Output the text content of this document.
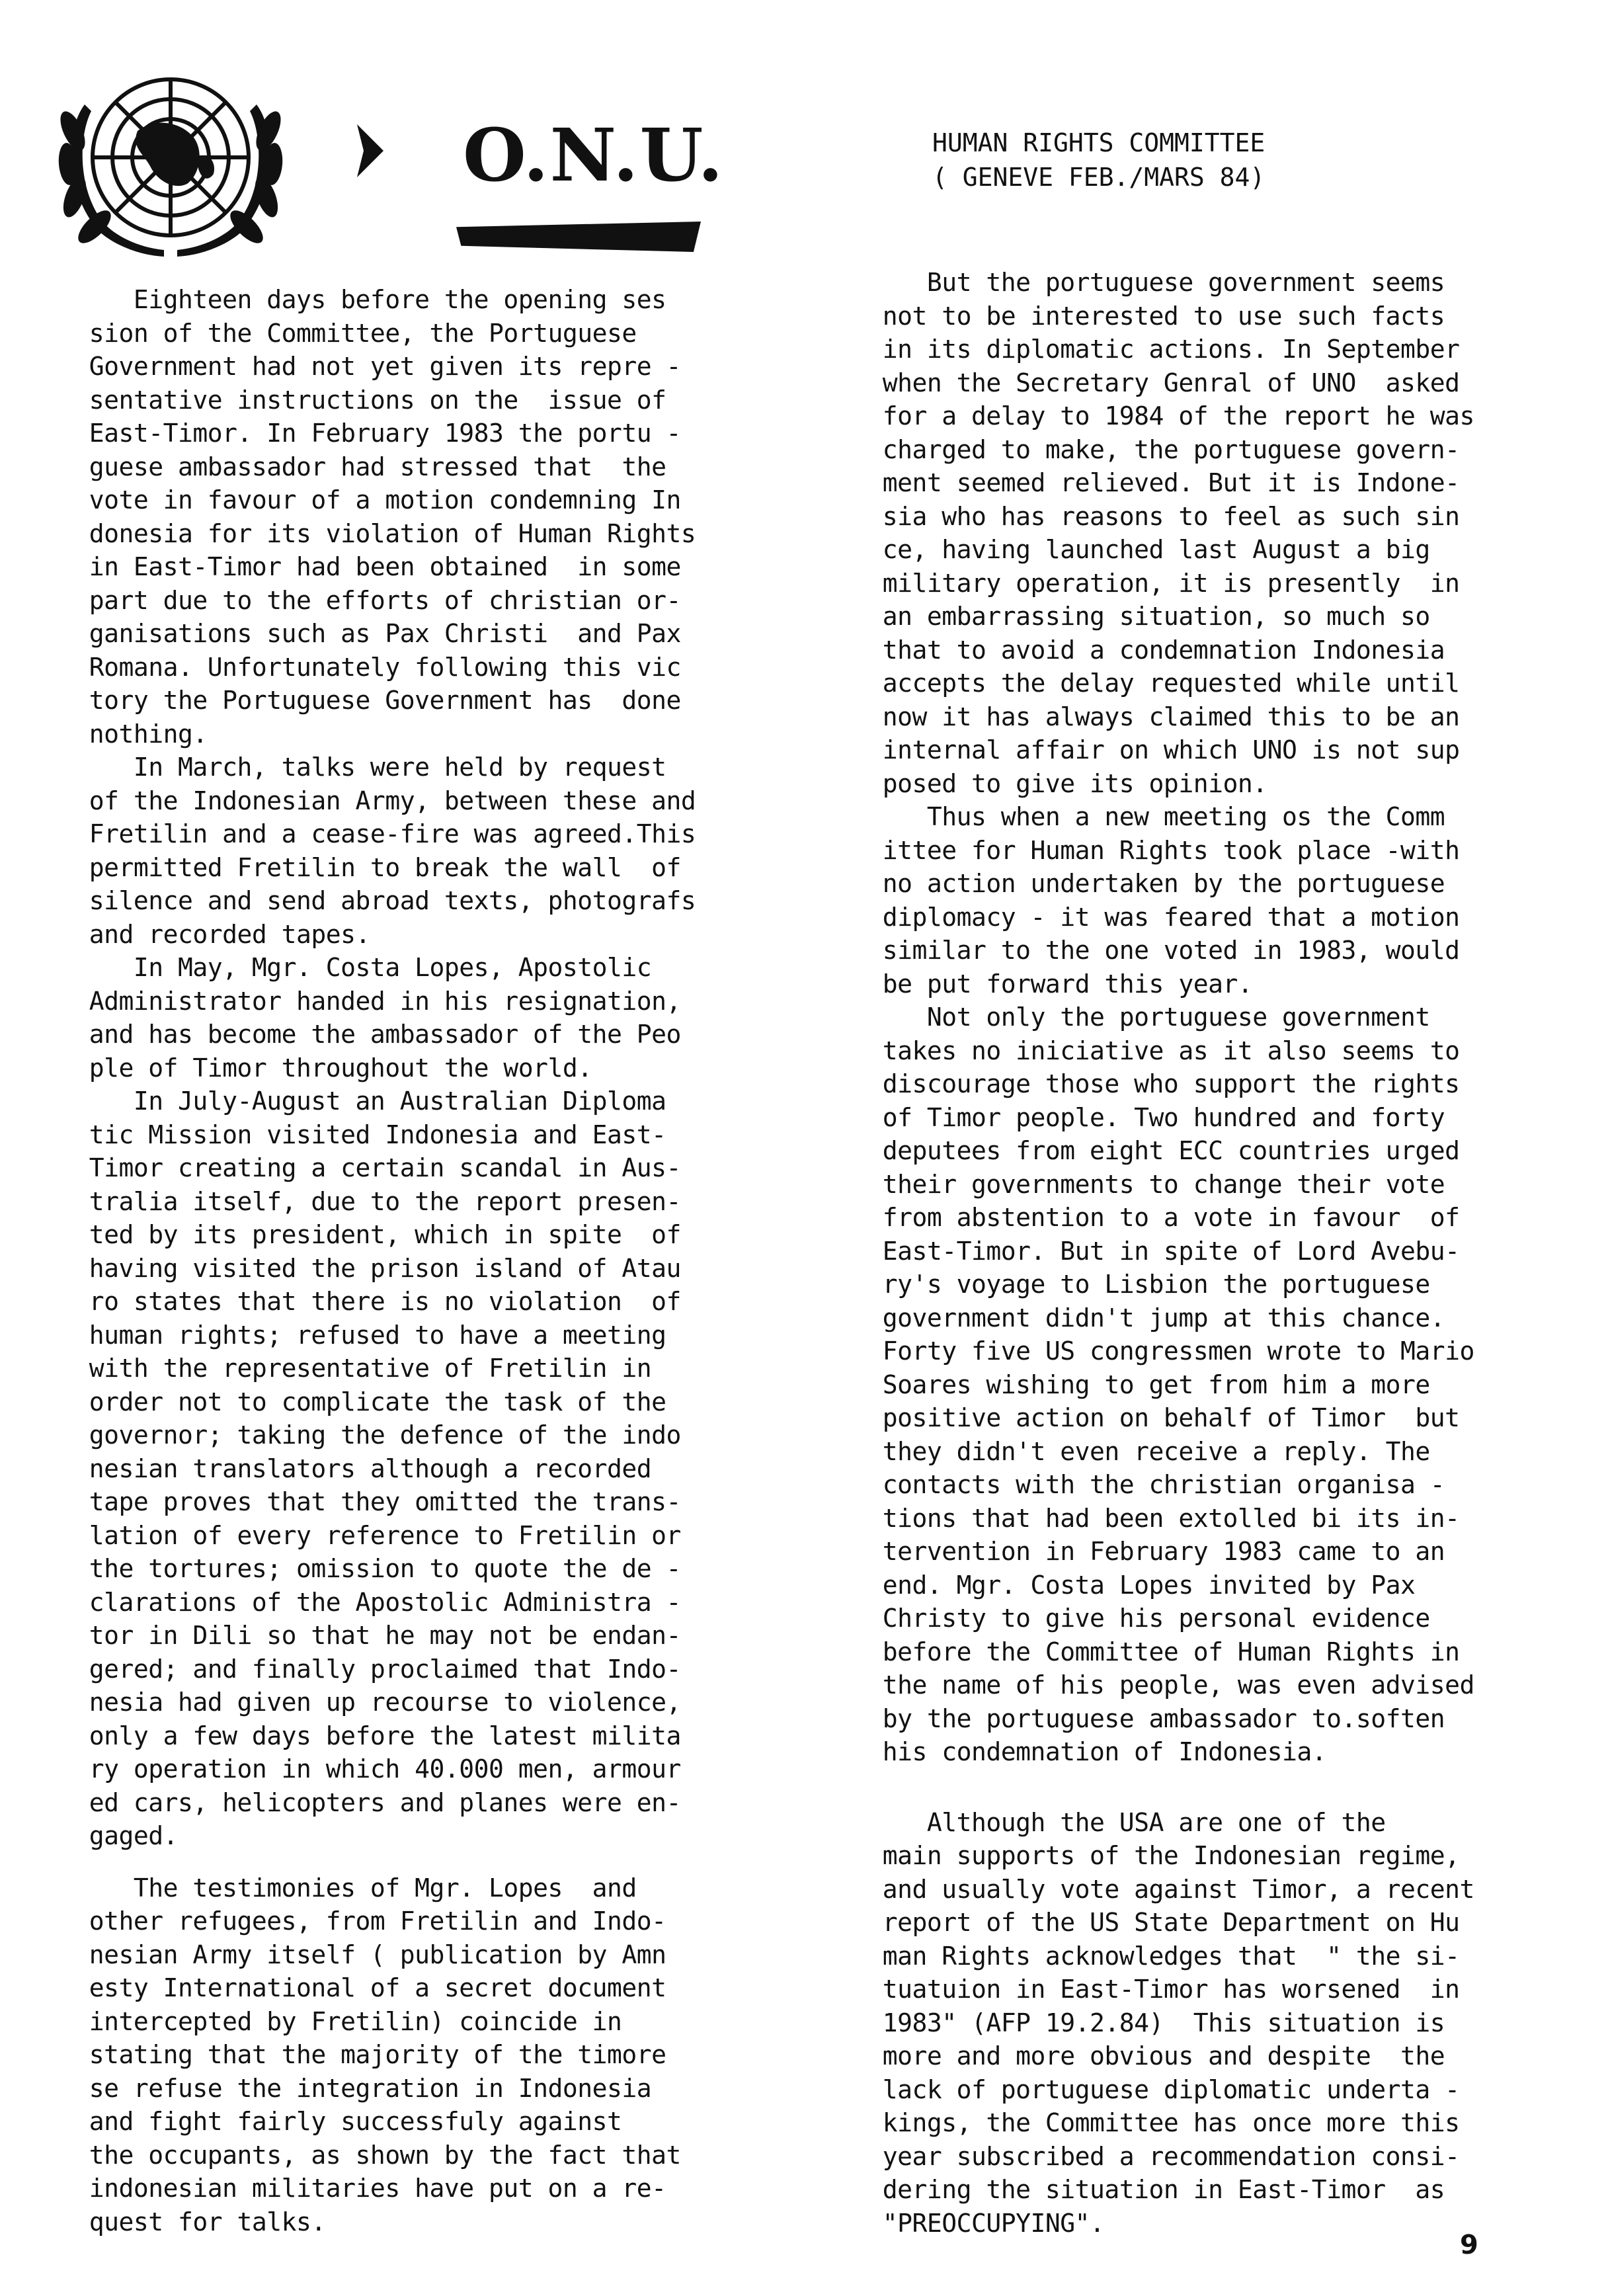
O.N.U.	HUMAN RIGHTS COMMITTEE
( GENEVE FEB./MARS 84)
Eighteen days before the opening ses
sion of the Committee, the Portuguese
Government had not yet given its repre -
sentative instructions on the  issue of
East-Timor. In February 1983 the portu -
guese ambassador had stressed that  the
vote in favour of a motion condemning In
donesia for its violation of Human Rights
in East-Timor had been obtained  in some
part due to the efforts of christian or-
ganisations such as Pax Christi  and Pax
Romana. Unfortunately following this vic
tory the Portuguese Government has  done
nothing.
In March, talks were held by request
of the Indonesian Army, between these and
Fretilin and a cease-fire was agreed.This
permitted Fretilin to break the wall  of
silence and send abroad texts, photografs
and recorded tapes.
In May, Mgr. Costa Lopes, Apostolic
Administrator handed in his resignation,
and has become the ambassador of the Peo
ple of Timor throughout the world.
In July-August an Australian Diploma
tic Mission visited Indonesia and East-
Timor creating a certain scandal in Aus-
tralia itself, due to the report presen-
ted by its president, which in spite  of
having visited the prison island of Atau
ro states that there is no violation  of
human rights; refused to have a meeting
with the representative of Fretilin in
order not to complicate the task of the
governor; taking the defence of the indo
nesian translators although a recorded
tape proves that they omitted the trans-
lation of every reference to Fretilin or
the tortures; omission to quote the de -
clarations of the Apostolic Administra -
tor in Dili so that he may not be endan-
gered; and finally proclaimed that Indo-
nesia had given up recourse to violence,
only a few days before the latest milita
ry operation in which 40.000 men, armour
ed cars, helicopters and planes were en-
gaged.
The testimonies of Mgr. Lopes  and
other refugees, from Fretilin and Indo-
nesian Army itself ( publication by Amn
esty International of a secret document
intercepted by Fretilin) coincide in
stating that the majority of the timore
se refuse the integration in Indonesia
and fight fairly successfuly against
the occupants, as shown by the fact that
indonesian militaries have put on a re-
quest for talks.
But the portuguese government seems
not to be interested to use such facts
in its diplomatic actions. In September
when the Secretary Genral of UNO  asked
for a delay to 1984 of the report he was
charged to make, the portuguese govern-
ment seemed relieved. But it is Indone-
sia who has reasons to feel as such sin
ce, having launched last August a big
military operation, it is presently  in
an embarrassing situation, so much so
that to avoid a condemnation Indonesia
accepts the delay requested while until
now it has always claimed this to be an
internal affair on which UNO is not sup
posed to give its opinion.
Thus when a new meeting os the Comm
ittee for Human Rights took place -with
no action undertaken by the portuguese
diplomacy - it was feared that a motion
similar to the one voted in 1983, would
be put forward this year.
Not only the portuguese government
takes no iniciative as it also seems to
discourage those who support the rights
of Timor people. Two hundred and forty
deputees from eight ECC countries urged
their governments to change their vote
from abstention to a vote in favour  of
East-Timor. But in spite of Lord Avebu-
ry's voyage to Lisbion the portuguese
government didn't jump at this chance.
Forty five US congressmen wrote to Mario
Soares wishing to get from him a more
positive action on behalf of Timor  but
they didn't even receive a reply. The
contacts with the christian organisa -
tions that had been extolled bi its in-
tervention in February 1983 came to an
end. Mgr. Costa Lopes invited by Pax
Christy to give his personal evidence
before the Committee of Human Rights in
the name of his people, was even advised
by the portuguese ambassador to.soften
his condemnation of Indonesia.
Although the USA are one of the
main supports of the Indonesian regime,
and usually vote against Timor, a recent
report of the US State Department on Hu
man Rights acknowledges that  " the si-
tuatuion in East-Timor has worsened  in
1983" (AFP 19.2.84)  This situation is
more and more obvious and despite  the
lack of portuguese diplomatic underta -
kings, the Committee has once more this
year subscribed a recommendation consi-
dering the situation in East-Timor  as
"PREOCCUPYING".
9
